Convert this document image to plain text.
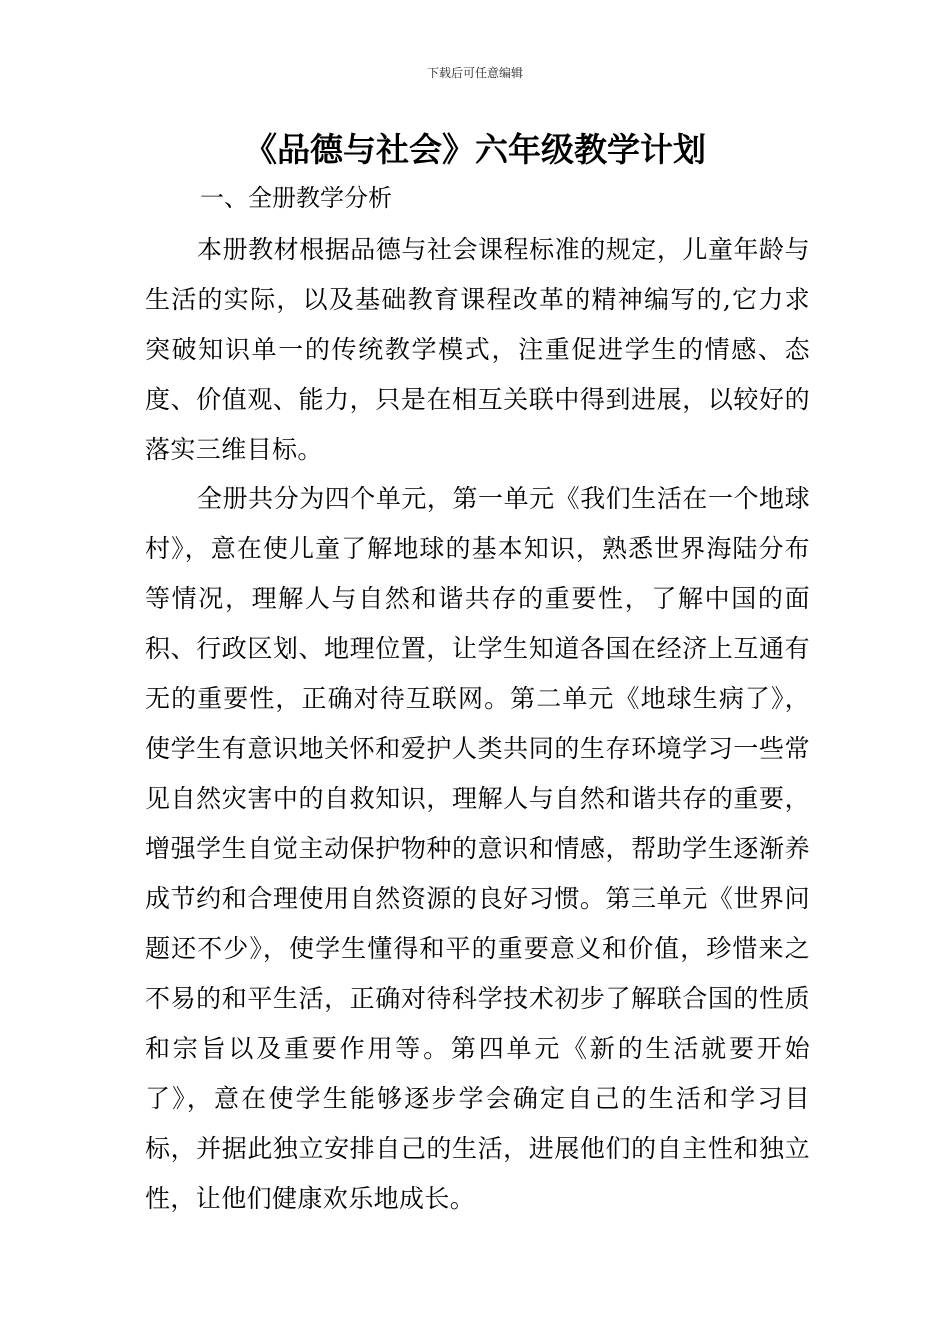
下载后可任意编辑
《品德与社会》六年级教学计划
一、全册教学分析

本册教材根据品德与社会课程标准的规定，儿童年龄与生活的实际，以及基础教育课程改革的精神编写的,它力求突破知识单一的传统教学模式，注重促进学生的情感、态度、价值观、能力，只是在相互关联中得到进展，以较好的落实三维目标。

全册共分为四个单元，第一单元《我们生活在一个地球村》，意在使儿童了解地球的基本知识，熟悉世界海陆分布等情况，理解人与自然和谐共存的重要性，了解中国的面积、行政区划、地理位置，让学生知道各国在经济上互通有无的重要性，正确对待互联网。第二单元《地球生病了》，使学生有意识地关怀和爱护人类共同的生存环境学习一些常见自然灾害中的自救知识，理解人与自然和谐共存的重要，增强学生自觉主动保护物种的意识和情感，帮助学生逐渐养成节约和合理使用自然资源的良好习惯。第三单元《世界问题还不少》，使学生懂得和平的重要意义和价值，珍惜来之不易的和平生活，正确对待科学技术初步了解联合国的性质和宗旨以及重要作用等。第四单元《新的生活就要开始了》，意在使学生能够逐步学会确定自己的生活和学习目标，并据此独立安排自己的生活，进展他们的自主性和独立性，让他们健康欢乐地成长。
